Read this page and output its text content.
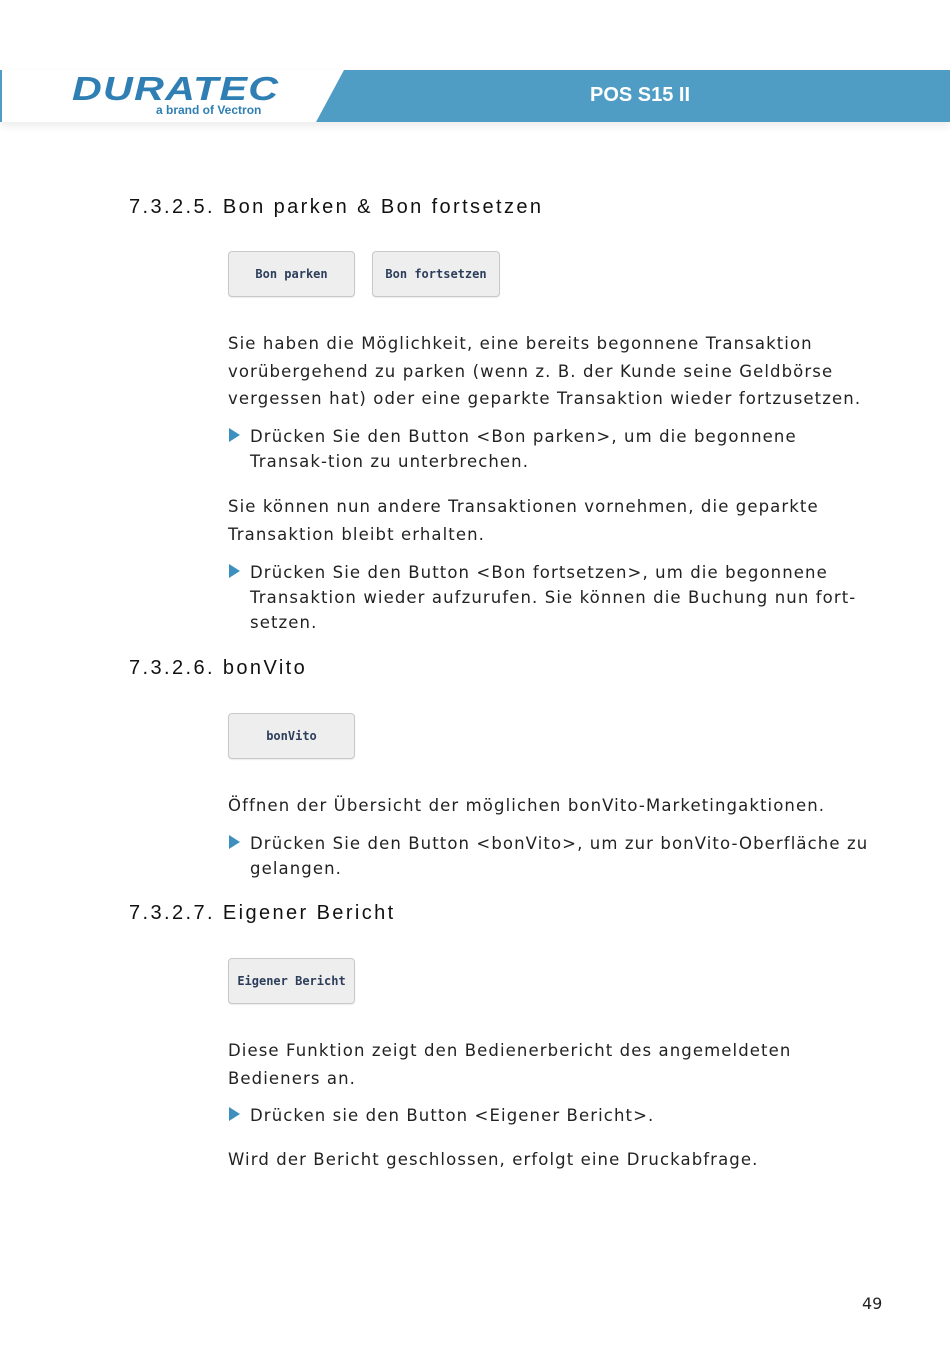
POS S15 II
DURATEC
a brand of Vectron
7.3.2.5. Bon parken & Bon fortsetzen
Bon parken	Bon fortsetzen
Sie haben die Möglichkeit, eine bereits begonnene Transaktion vorübergehend zu parken (wenn z. B. der Kunde seine Geldbörse vergessen hat) oder eine geparkte Transaktion wieder fortzusetzen.
Drücken Sie den Button <Bon parken>, um die begonnene Transak-tion zu unterbrechen.
Sie können nun andere Transaktionen vornehmen, die geparkte Transaktion bleibt erhalten.
Drücken Sie den Button <Bon fortsetzen>, um die begonnene Transaktion wieder aufzurufen. Sie können die Buchung nun fort-setzen.
7.3.2.6. bonVito
bonVito
Öffnen der Übersicht der möglichen bonVito-Marketingaktionen.
Drücken Sie den Button <bonVito>, um zur bonVito-Oberfläche zu gelangen.
7.3.2.7. Eigener Bericht
Eigener Bericht
Diese Funktion zeigt den Bedienerbericht des angemeldeten Bedieners an.
Drücken sie den Button <Eigener Bericht>.
Wird der Bericht geschlossen, erfolgt eine Druckabfrage.
49
